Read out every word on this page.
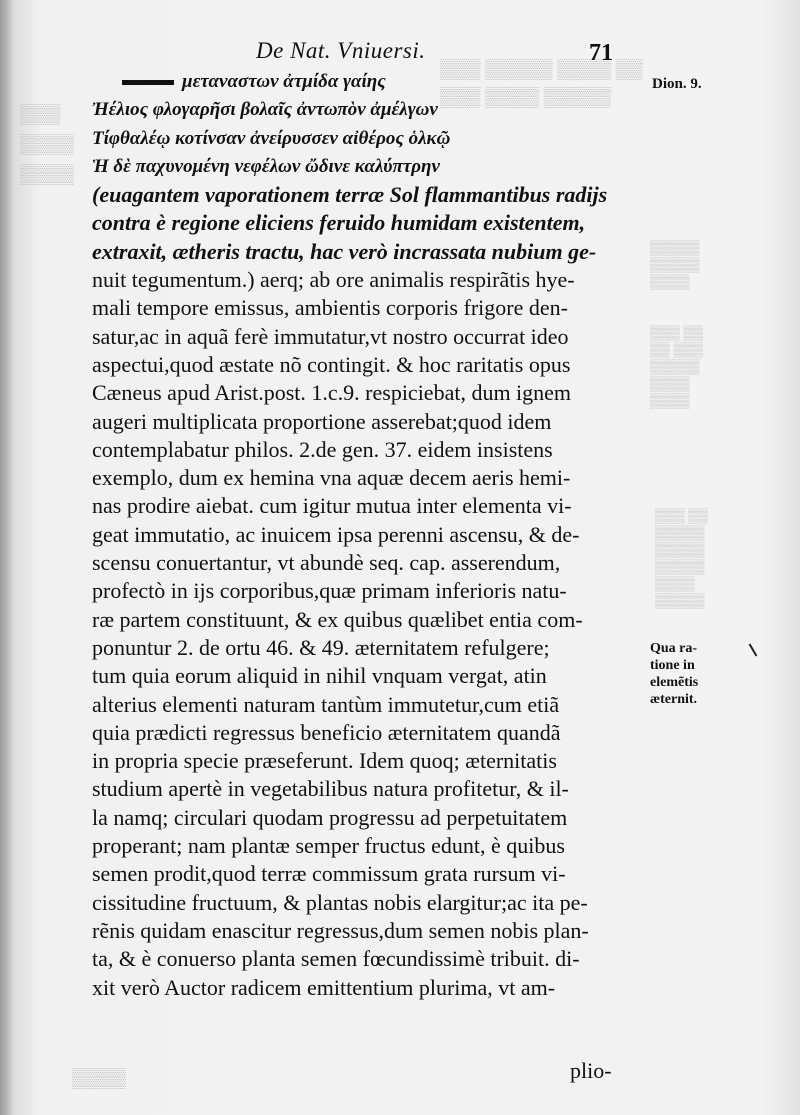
▒▒▒ ▒▒▒▒▒ ▒▒▒▒ ▒▒
▒▒▒ ▒▒▒▒ ▒▒▒▒▒
▒▒▒
▒▒▒▒
▒▒▒▒
▒▒▒▒▒
▒▒▒▒▒
▒▒▒▒

▒▒▒ ▒▒
▒▒ ▒▒▒
▒▒▒▒▒
▒▒▒▒
▒▒▒▒
▒▒▒ ▒▒
▒▒▒▒▒
▒▒▒▒▒
▒▒▒▒▒
▒▒▒▒
▒▒▒▒▒
▒▒▒▒
De Nat. Vniuersi.	71
Dion. 9.
Qua ra-
tione in
elemẽtis
æternit.
μεταναστων ἀτμίδα γαίης
Ἠέλιος φλογαρῆσι βολαῖς ἀντωπὸν ἀμέλγων
Τίφθαλέῳ κοτίνσαν ἀνείρυσσεν αἰθέρος ὁλκῷ
Ἡ δὲ παχυνομένη νεφέλων ὤδινε καλύπτρην
(euagantem vaporationem terræ Sol flammantibus radijs
contra è regione eliciens feruido humidam existentem,
extraxit, ætheris tractu, hac verò incrassata nubium ge-
nuit tegumentum.) aerq; ab ore animalis respirãtis hye-
mali tempore emissus, ambientis corporis frigore den-
satur,ac in aquã ferè immutatur,vt nostro occurrat ideo
aspectui,quod æstate nõ contingit. & hoc raritatis opus
Cæneus apud Arist.post. 1.c.9. respiciebat, dum ignem
augeri multiplicata proportione asserebat;quod idem
contemplabatur philos. 2.de gen. 37. eidem insistens
exemplo, dum ex hemina vna aquæ decem aeris hemi-
nas prodire aiebat. cum igitur mutua inter elementa vi-
geat immutatio, ac inuicem ipsa perenni ascensu, & de-
scensu conuertantur, vt abundè seq. cap. asserendum,
profectò in ijs corporibus,quæ primam inferioris natu-
ræ partem constituunt, & ex quibus quælibet entia com-
ponuntur 2. de ortu 46. & 49. æternitatem refulgere;
tum quia eorum aliquid in nihil vnquam vergat, atin
alterius elementi naturam tantùm immutetur,cum etiã
quia prædicti regressus beneficio æternitatem quandã
in propria specie præseferunt. Idem quoq; æternitatis
studium apertè in vegetabilibus natura profitetur, & il-
la namq; circulari quodam progressu ad perpetuitatem
properant; nam plantæ semper fructus edunt, è quibus
semen prodit,quod terræ commissum grata rursum vi-
cissitudine fructuum, & plantas nobis elargitur;ac ita pe-
rẽnis quidam enascitur regressus,dum semen nobis plan-
ta, & è conuerso planta semen fœcundissimè tribuit. di-
xit verò Auctor radicem emittentium plurima, vt am-
plio-
